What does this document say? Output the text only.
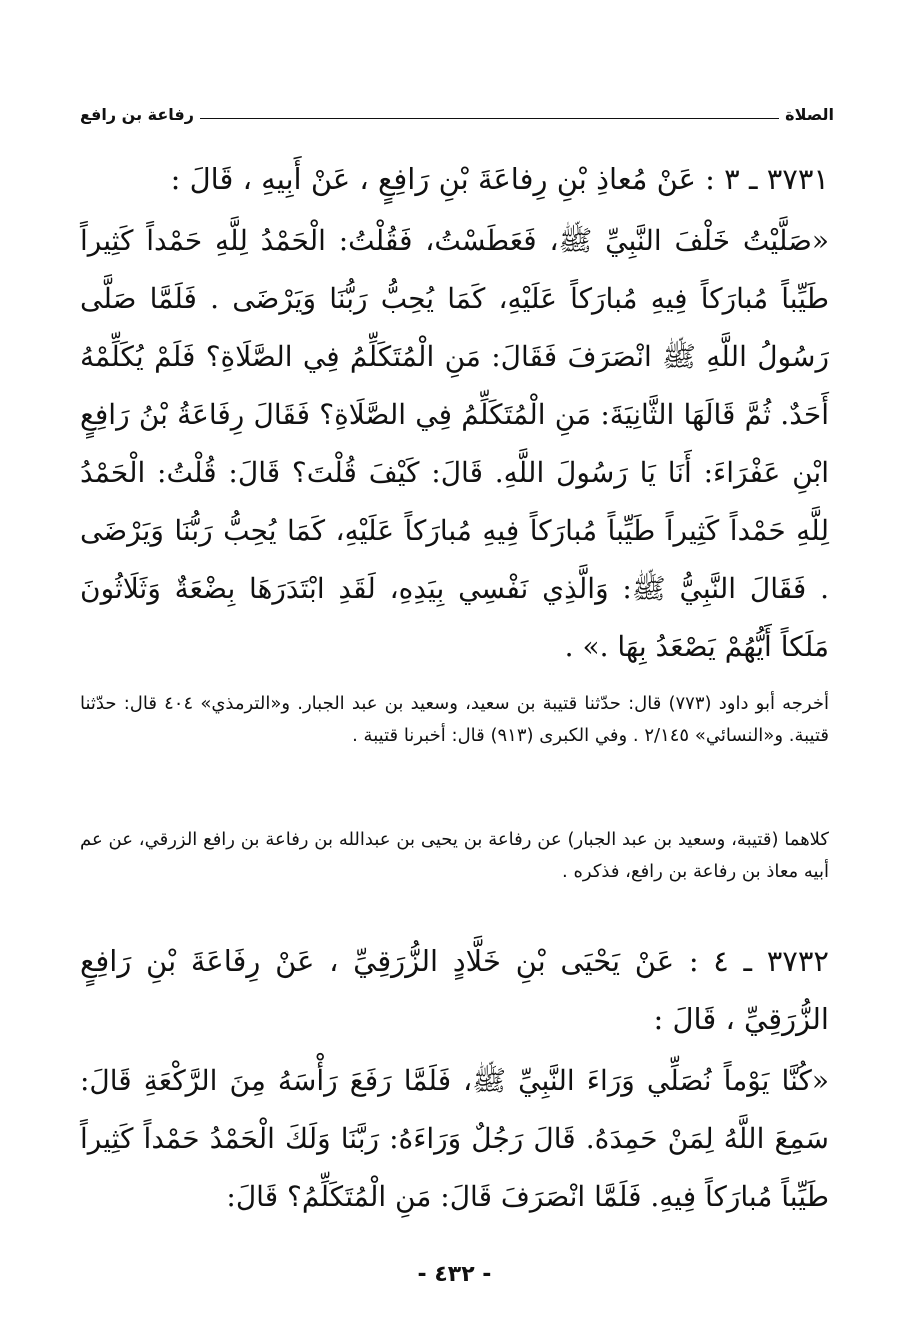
الصلاة
رفاعة بن رافع
٣٧٣١ ـ ٣ : عَنْ مُعاذِ بْنِ رِفاعَةَ بْنِ رَافِعٍ ، عَنْ أَبِيهِ ، قَالَ :
«صَلَّيْتُ خَلْفَ النَّبِيِّ ﷺ، فَعَطَسْتُ، فَقُلْتُ: الْحَمْدُ لِلَّهِ حَمْداً كَثِيراً طَيِّباً مُبارَكاً فِيهِ مُبارَكاً عَلَيْهِ، كَمَا يُحِبُّ رَبُّنَا وَيَرْضَى . فَلَمَّا صَلَّى رَسُولُ اللَّهِ ﷺ انْصَرَفَ فَقَالَ: مَنِ الْمُتَكَلِّمُ فِي الصَّلَاةِ؟ فَلَمْ يُكَلِّمْهُ أَحَدٌ. ثُمَّ قَالَهَا الثَّانِيَةَ: مَنِ الْمُتَكَلِّمُ فِي الصَّلَاةِ؟ فَقَالَ رِفَاعَةُ بْنُ رَافِعٍ ابْنِ عَفْرَاءَ: أَنَا يَا رَسُولَ اللَّهِ. قَالَ: كَيْفَ قُلْتَ؟ قَالَ: قُلْتُ: الْحَمْدُ لِلَّهِ حَمْداً كَثِيراً طَيِّباً مُبارَكاً فِيهِ مُبارَكاً عَلَيْهِ، كَمَا يُحِبُّ رَبُّنَا وَيَرْضَى . فَقَالَ النَّبِيُّ ﷺ: وَالَّذِي نَفْسِي بِيَدِهِ، لَقَدِ ابْتَدَرَهَا بِضْعَةٌ وَثَلَاثُونَ مَلَكاً أَيُّهُمْ يَصْعَدُ بِهَا .» .
أخرجه أبو داود (٧٧٣) قال: حدّثنا قتيبة بن سعيد، وسعيد بن عبد الجبار. و«الترمذي» ٤٠٤ قال: حدّثنا قتيبة. و«النسائي» ٢/١٤٥ . وفي الكبرى (٩١٣) قال: أخبرنا قتيبة .
كلاهما (قتيبة، وسعيد بن عبد الجبار) عن رفاعة بن يحيى بن عبدالله بن رفاعة بن رافع الزرقي، عن عم أبيه معاذ بن رفاعة بن رافع، فذكره .
٣٧٣٢ ـ ٤ : عَنْ يَحْيَى بْنِ خَلَّادٍ الزُّرَقِيِّ ، عَنْ رِفَاعَةَ بْنِ رَافِعٍ الزُّرَقِيِّ ، قَالَ :
«كُنَّا يَوْماً نُصَلِّي وَرَاءَ النَّبِيِّ ﷺ، فَلَمَّا رَفَعَ رَأْسَهُ مِنَ الرَّكْعَةِ قَالَ: سَمِعَ اللَّهُ لِمَنْ حَمِدَهُ. قَالَ رَجُلٌ وَرَاءَهُ: رَبَّنَا وَلَكَ الْحَمْدُ حَمْداً كَثِيراً طَيِّباً مُبارَكاً فِيهِ. فَلَمَّا انْصَرَفَ قَالَ: مَنِ الْمُتَكَلِّمُ؟ قَالَ:
- ٤٣٢ -
